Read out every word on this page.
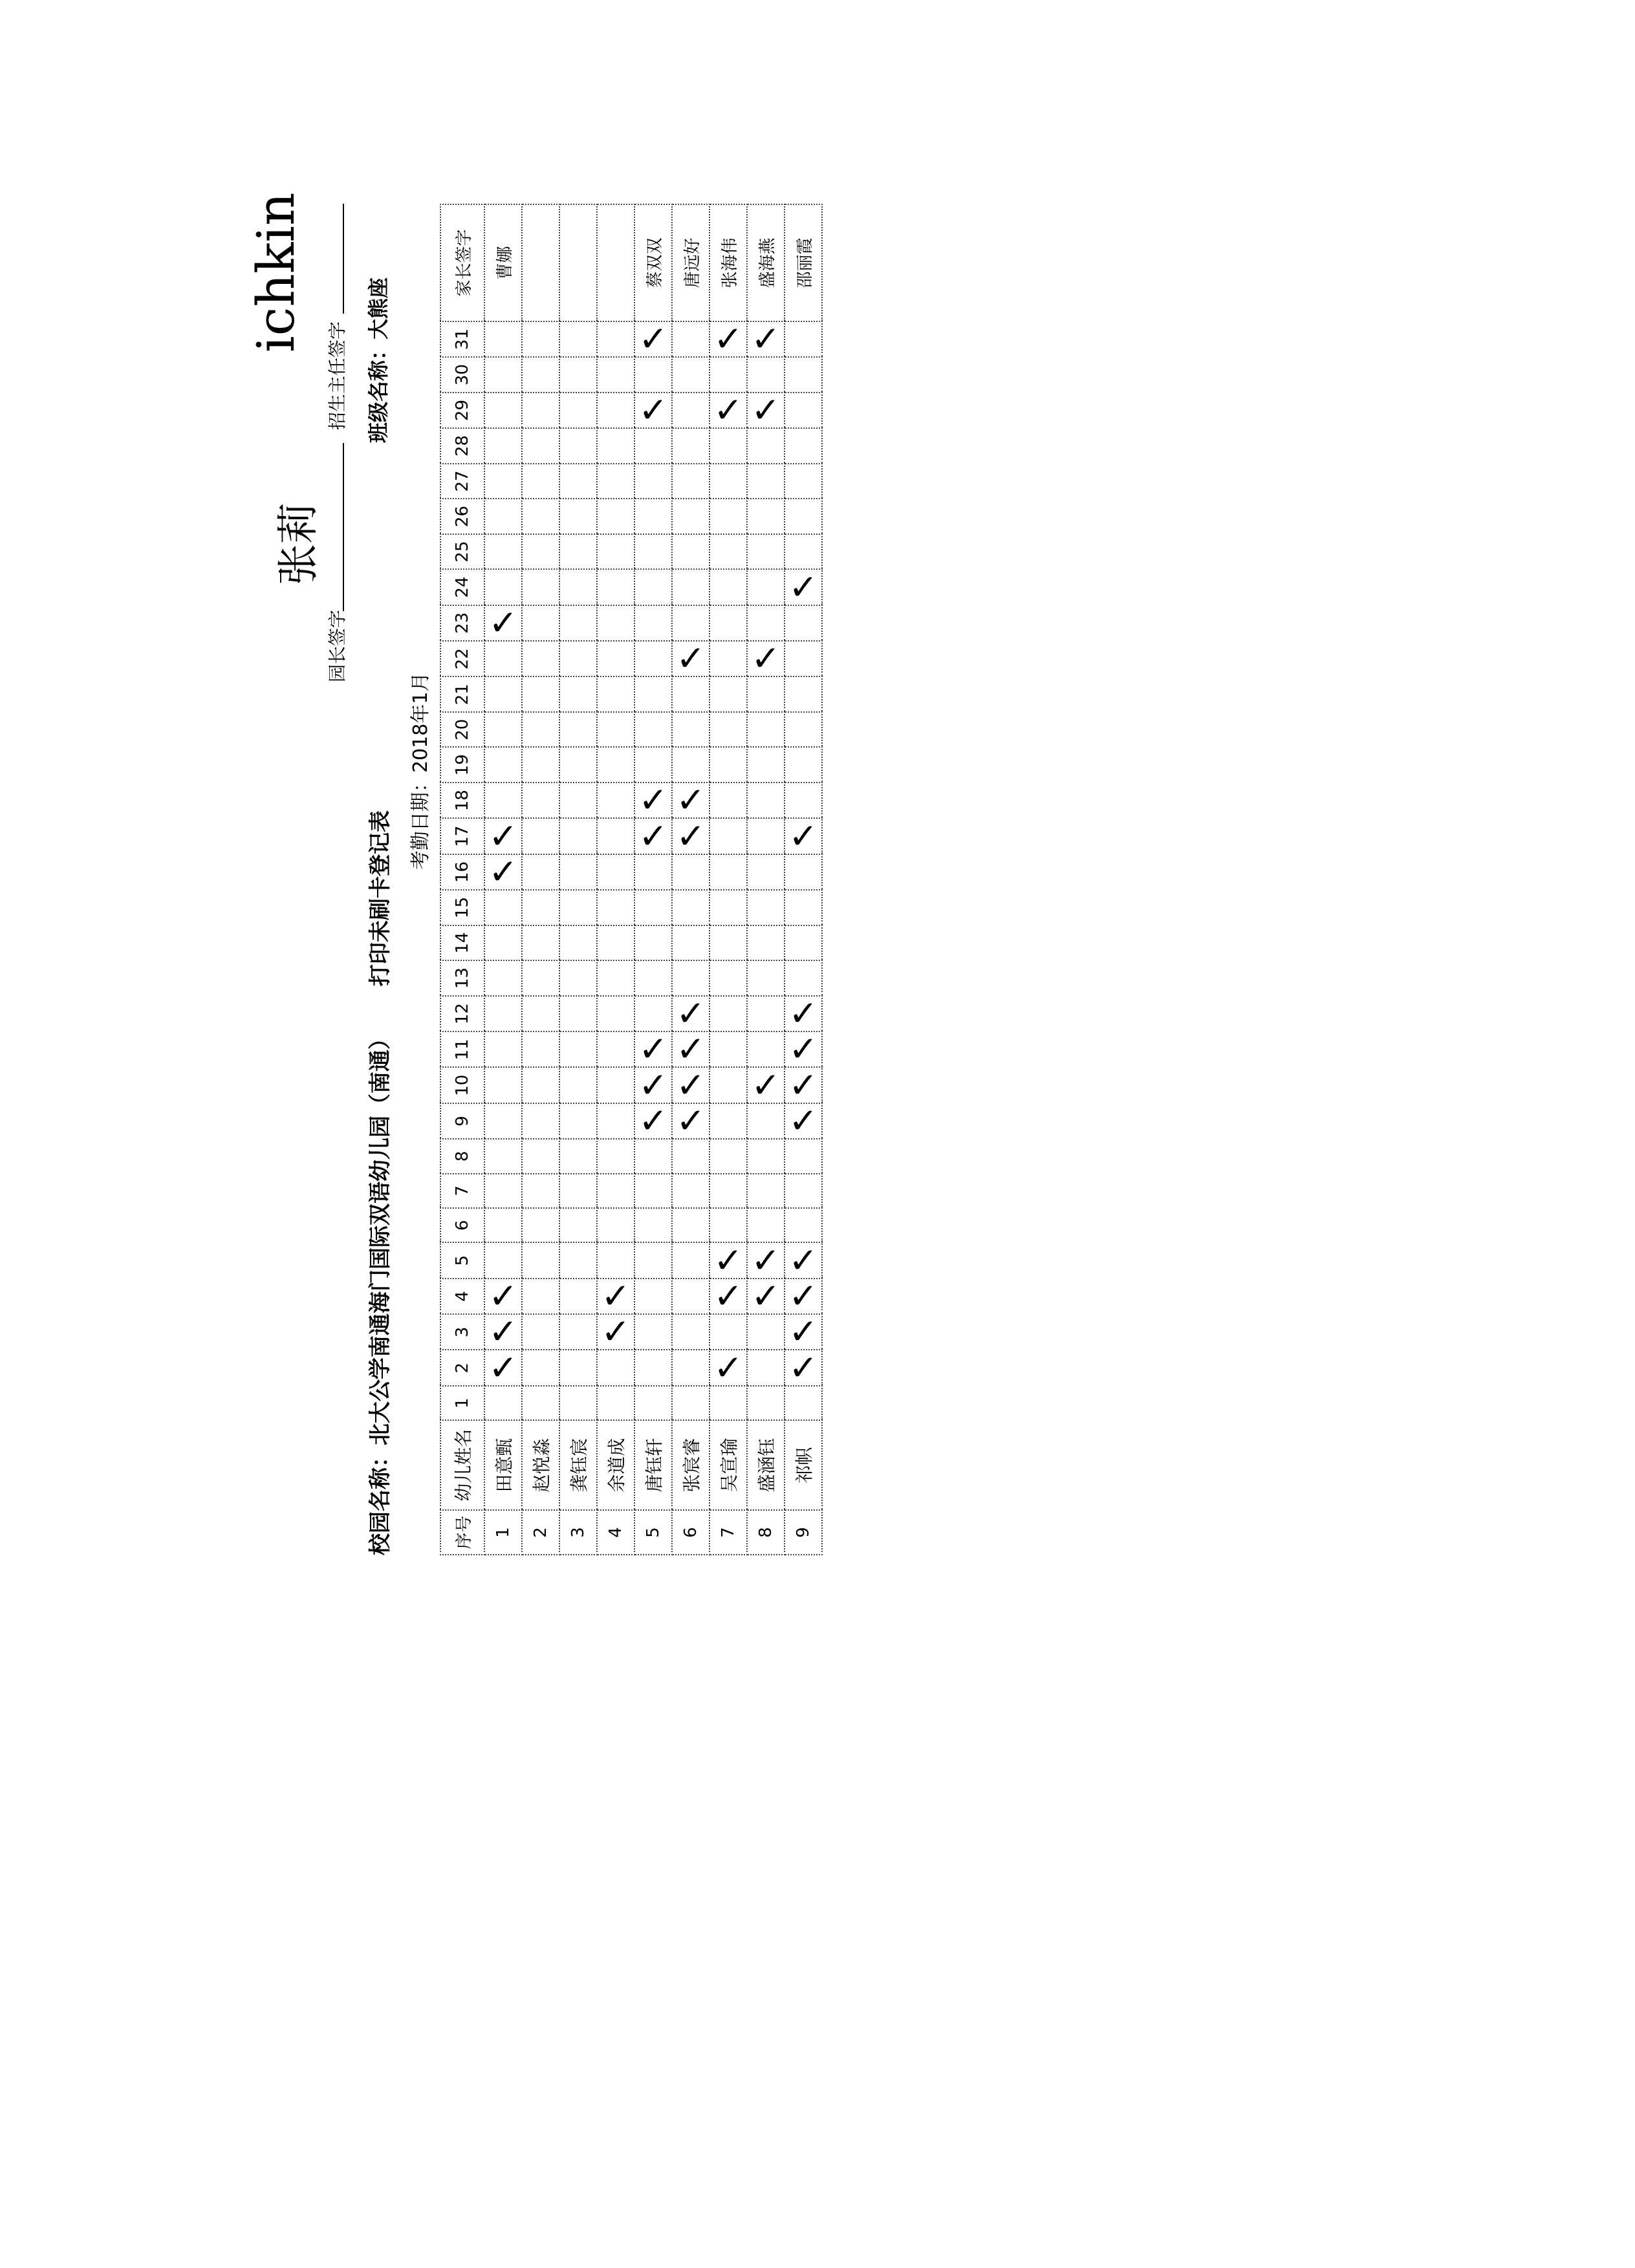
校园名称：北大公学南通海门国际双语幼儿园（南通）
打印未刷卡登记表
考勤日期：2018年1月
班级名称：大熊座
园长签字
张莉
招生主任签字
ichkin
序号	幼儿姓名	1	2	3	4	5	6	7	8	9	10	11	12	13	14	15	16	17	18	19	20	21	22	23	24	25	26	27	28	29	30	31	家长签字
1	田意甄		✓	✓	✓												✓	✓						✓									曹娜
2	赵悦淼																																
3	龚钰宸																																
4	余道成			✓	✓																												
5	唐钰轩									✓	✓	✓						✓	✓											✓		✓	蔡双双
6	张宸睿									✓	✓	✓	✓					✓	✓				✓										唐远好
7	吴宣瑜		✓		✓	✓																								✓		✓	张海伟
8	盛涵钰				✓	✓					✓												✓							✓		✓	盛海燕
9	祁帜		✓	✓	✓	✓				✓	✓	✓	✓					✓							✓								邵丽霞
